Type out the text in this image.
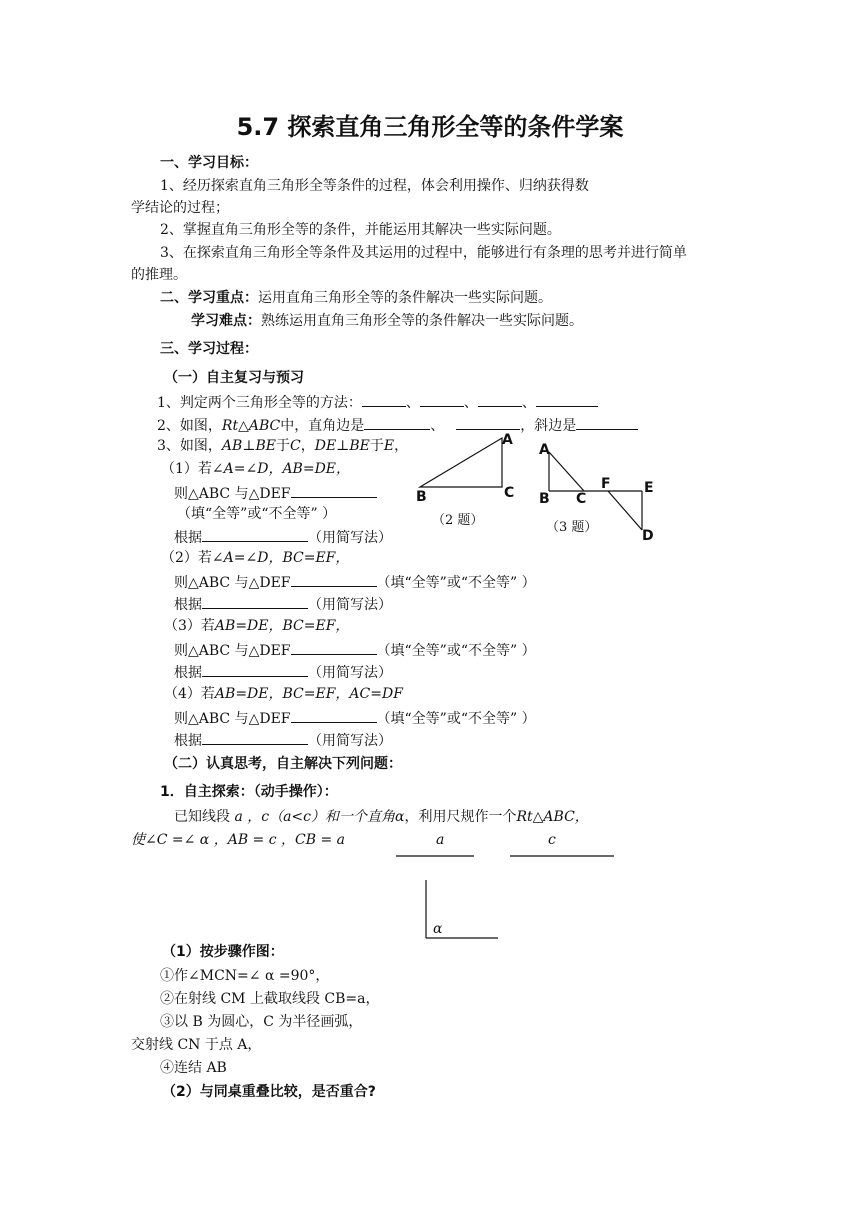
5.7 探索直角三角形全等的条件学案
一、学习目标：
1、经历探索直角三角形全等条件的过程，体会利用操作、归纳获得数
学结论的过程；
2、掌握直角三角形全等的条件，并能运用其解决一些实际问题。
3、在探索直角三角形全等条件及其运用的过程中，能够进行有条理的思考并进行简单
的推理。
二、学习重点：运用直角三角形全等的条件解决一些实际问题。
学习难点：熟练运用直角三角形全等的条件解决一些实际问题。
三、学习过程：
（一）自主复习与预习
1、判定两个三角形全等的方法：	、	、	、
2、如图，Rt△ABC中，直角边是	、	，斜边是
3、如图，AB⊥BE于C，DE⊥BE于E，
（1）若∠A=∠D，AB=DE，
则△ABC 与△DEF
（填“全等”或“不全等” ）
根据	（用简写法）
（2）若∠A=∠D，BC=EF，
则△ABC 与△DEF	（填“全等”或“不全等” ）
根据	（用简写法）
（3）若AB=DE，BC=EF，
则△ABC 与△DEF	（填“全等”或“不全等” ）
根据	（用简写法）
（4）若AB=DE，BC=EF，AC=DF
则△ABC 与△DEF	（填“全等”或“不全等” ）
根据	（用简写法）
A
B	C
（2 题）
A
B C
F E
D
（3 题）
（二）认真思考，自主解决下列问题：
1．自主探索：（动手操作）：
已知线段 a ，c（a<c）和一个直角α，利用尺规作一个Rt△ABC，
使∠C =∠ α ，AB = c ，CB = a	a	c
α
（1）按步骤作图：
①作∠MCN=∠ α =90°，
②在射线 CM 上截取线段 CB=a，
③以 B 为圆心，C 为半径画弧，
交射线 CN 于点 A，
④连结 AB
（2）与同桌重叠比较，是否重合?
